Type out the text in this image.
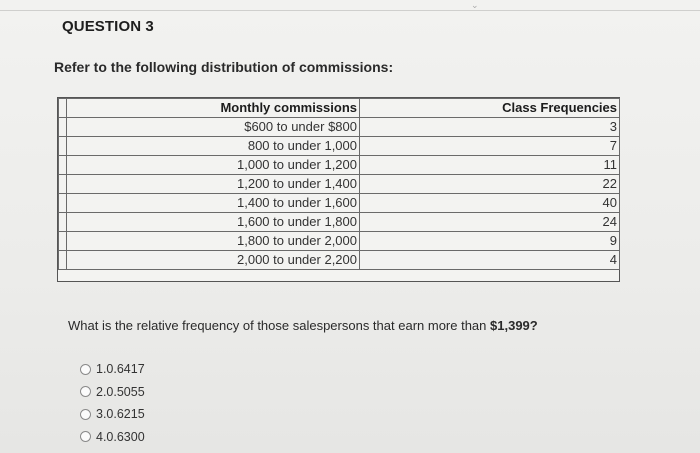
⌄
QUESTION 3
Refer to the following distribution of commissions:
	Monthly commissions	Class Frequencies
	$600 to under $800	3
	800 to under 1,000	7
	1,000 to under 1,200	11
	1,200 to under 1,400	22
	1,400 to under 1,600	40
	1,600 to under 1,800	24
	1,800 to under 2,000	9
	2,000 to under 2,200	4
What is the relative frequency of those salespersons that earn more than $1,399?
1.0.6417
2.0.5055
3.0.6215
4.0.6300
